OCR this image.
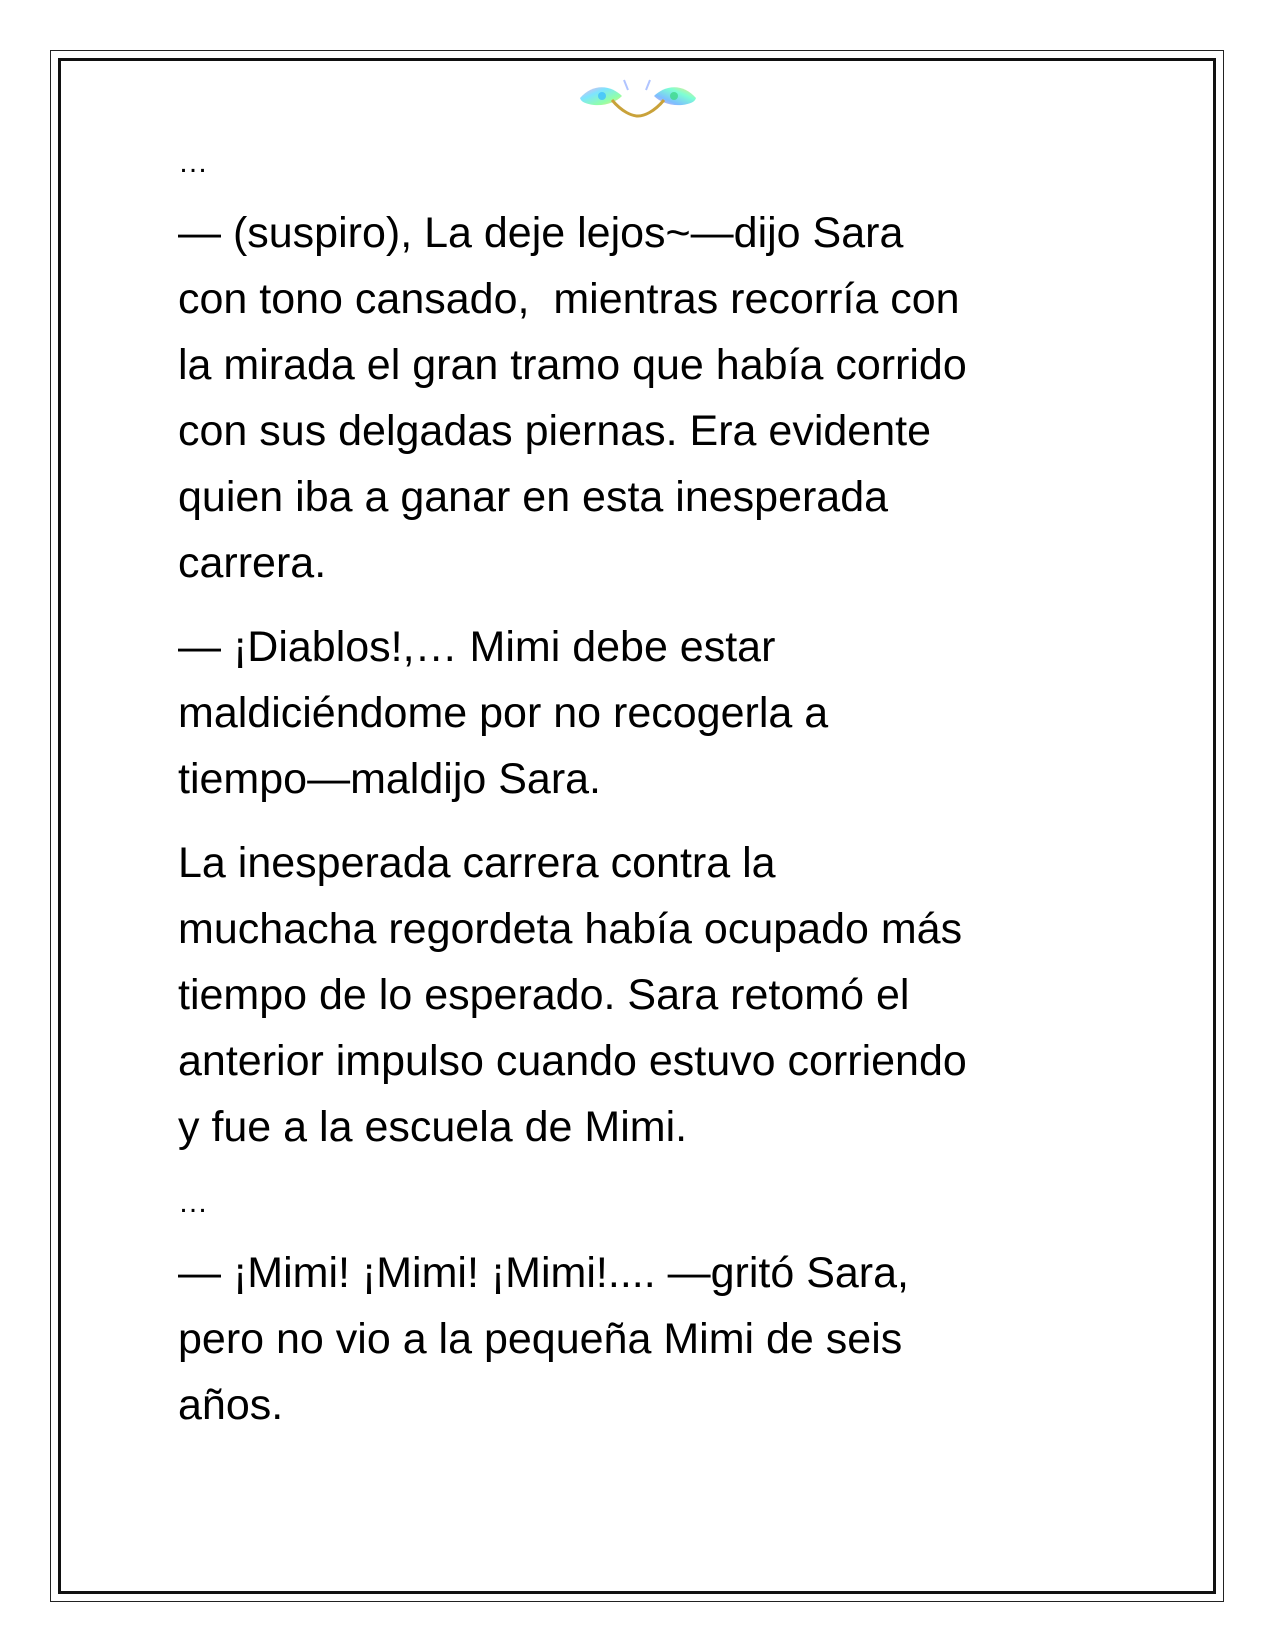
…

— (suspiro), La deje lejos~—dijo Sara
con tono cansado,  mientras recorría con
la mirada el gran tramo que había corrido
con sus delgadas piernas. Era evidente
quien iba a ganar en esta inesperada
carrera.

— ¡Diablos!,… Mimi debe estar
maldiciéndome por no recogerla a
tiempo—maldijo Sara.

La inesperada carrera contra la
muchacha regordeta había ocupado más
tiempo de lo esperado. Sara retomó el
anterior impulso cuando estuvo corriendo
y fue a la escuela de Mimi.

…

— ¡Mimi! ¡Mimi! ¡Mimi!.... —gritó Sara,
pero no vio a la pequeña Mimi de seis
años.
